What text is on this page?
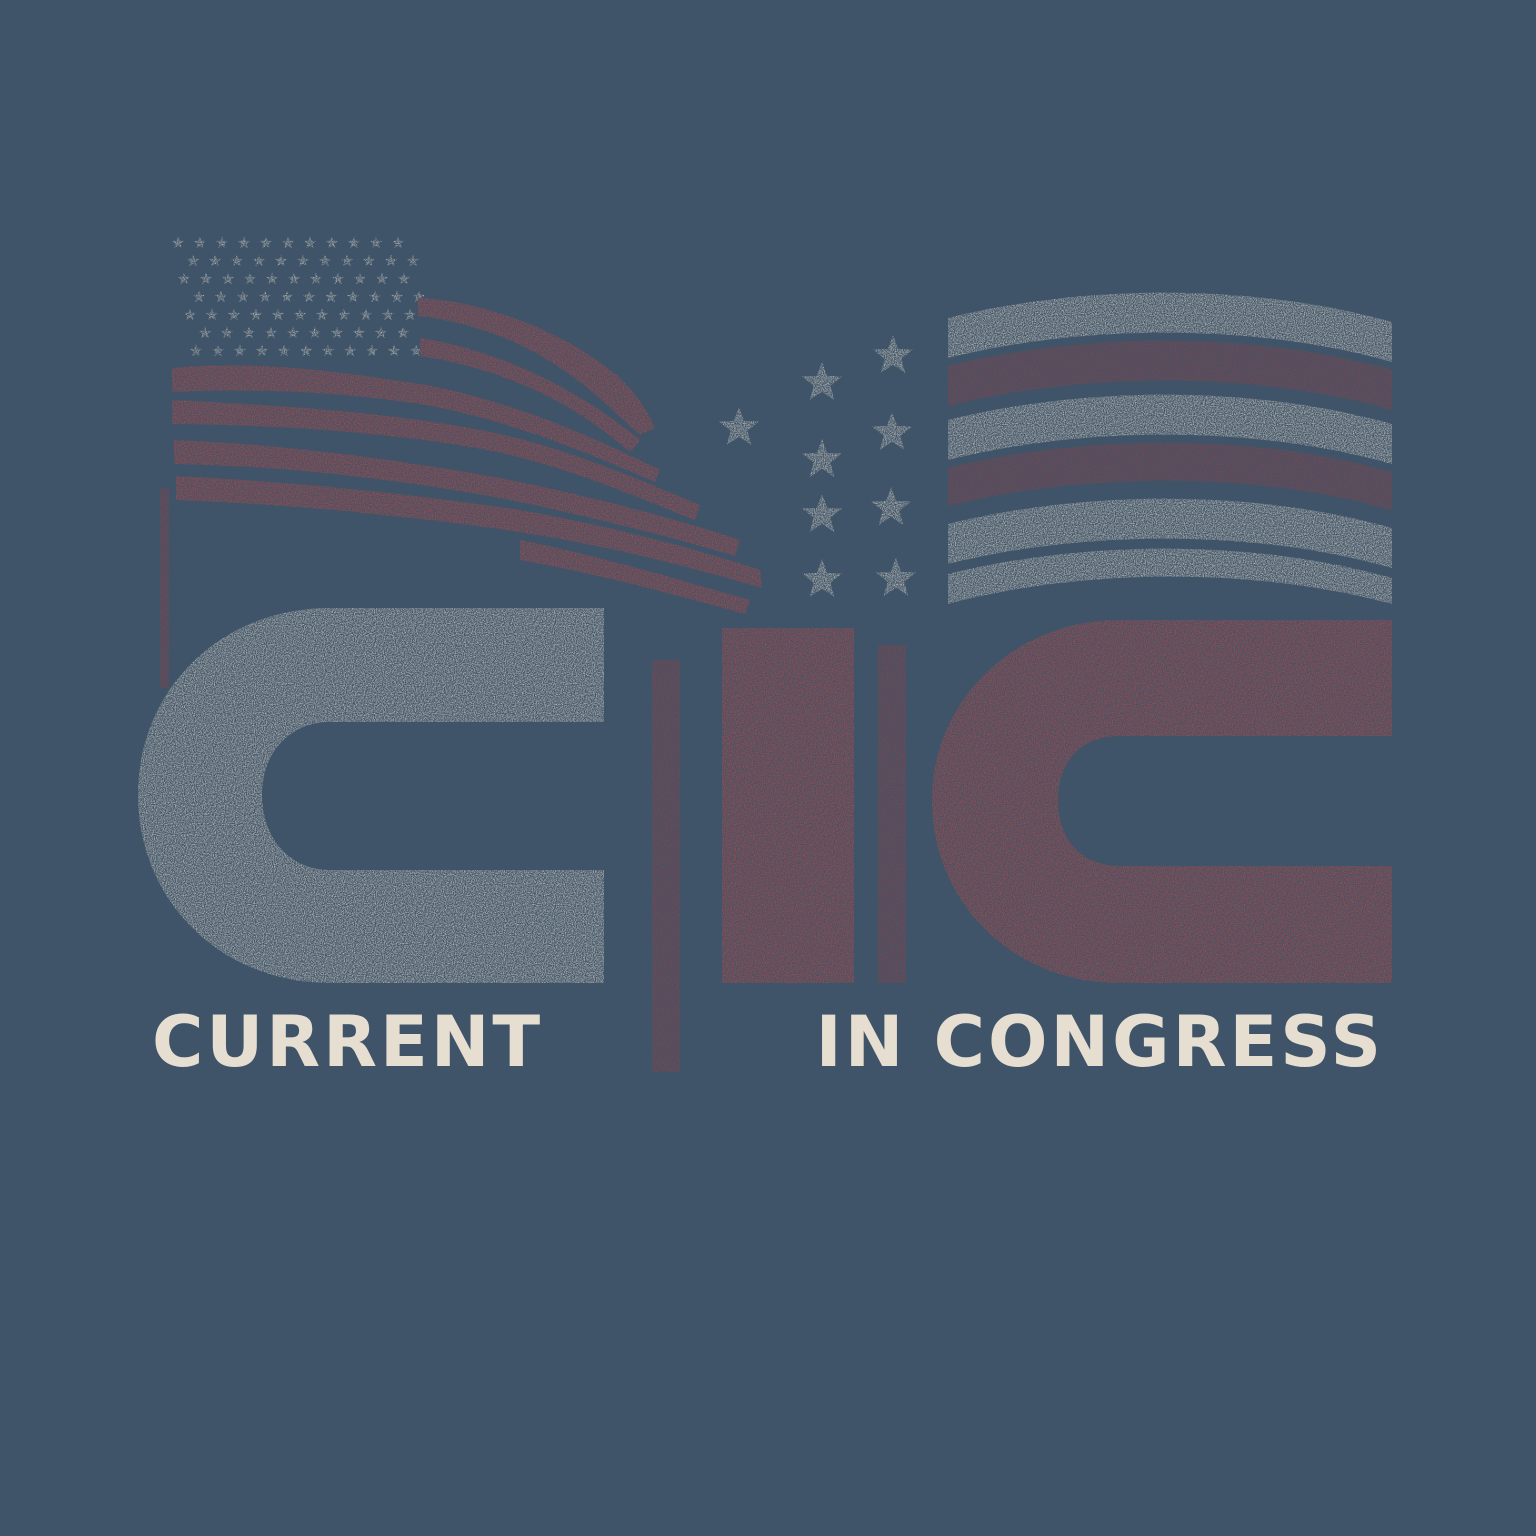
CURRENT	IN CONGRESS
